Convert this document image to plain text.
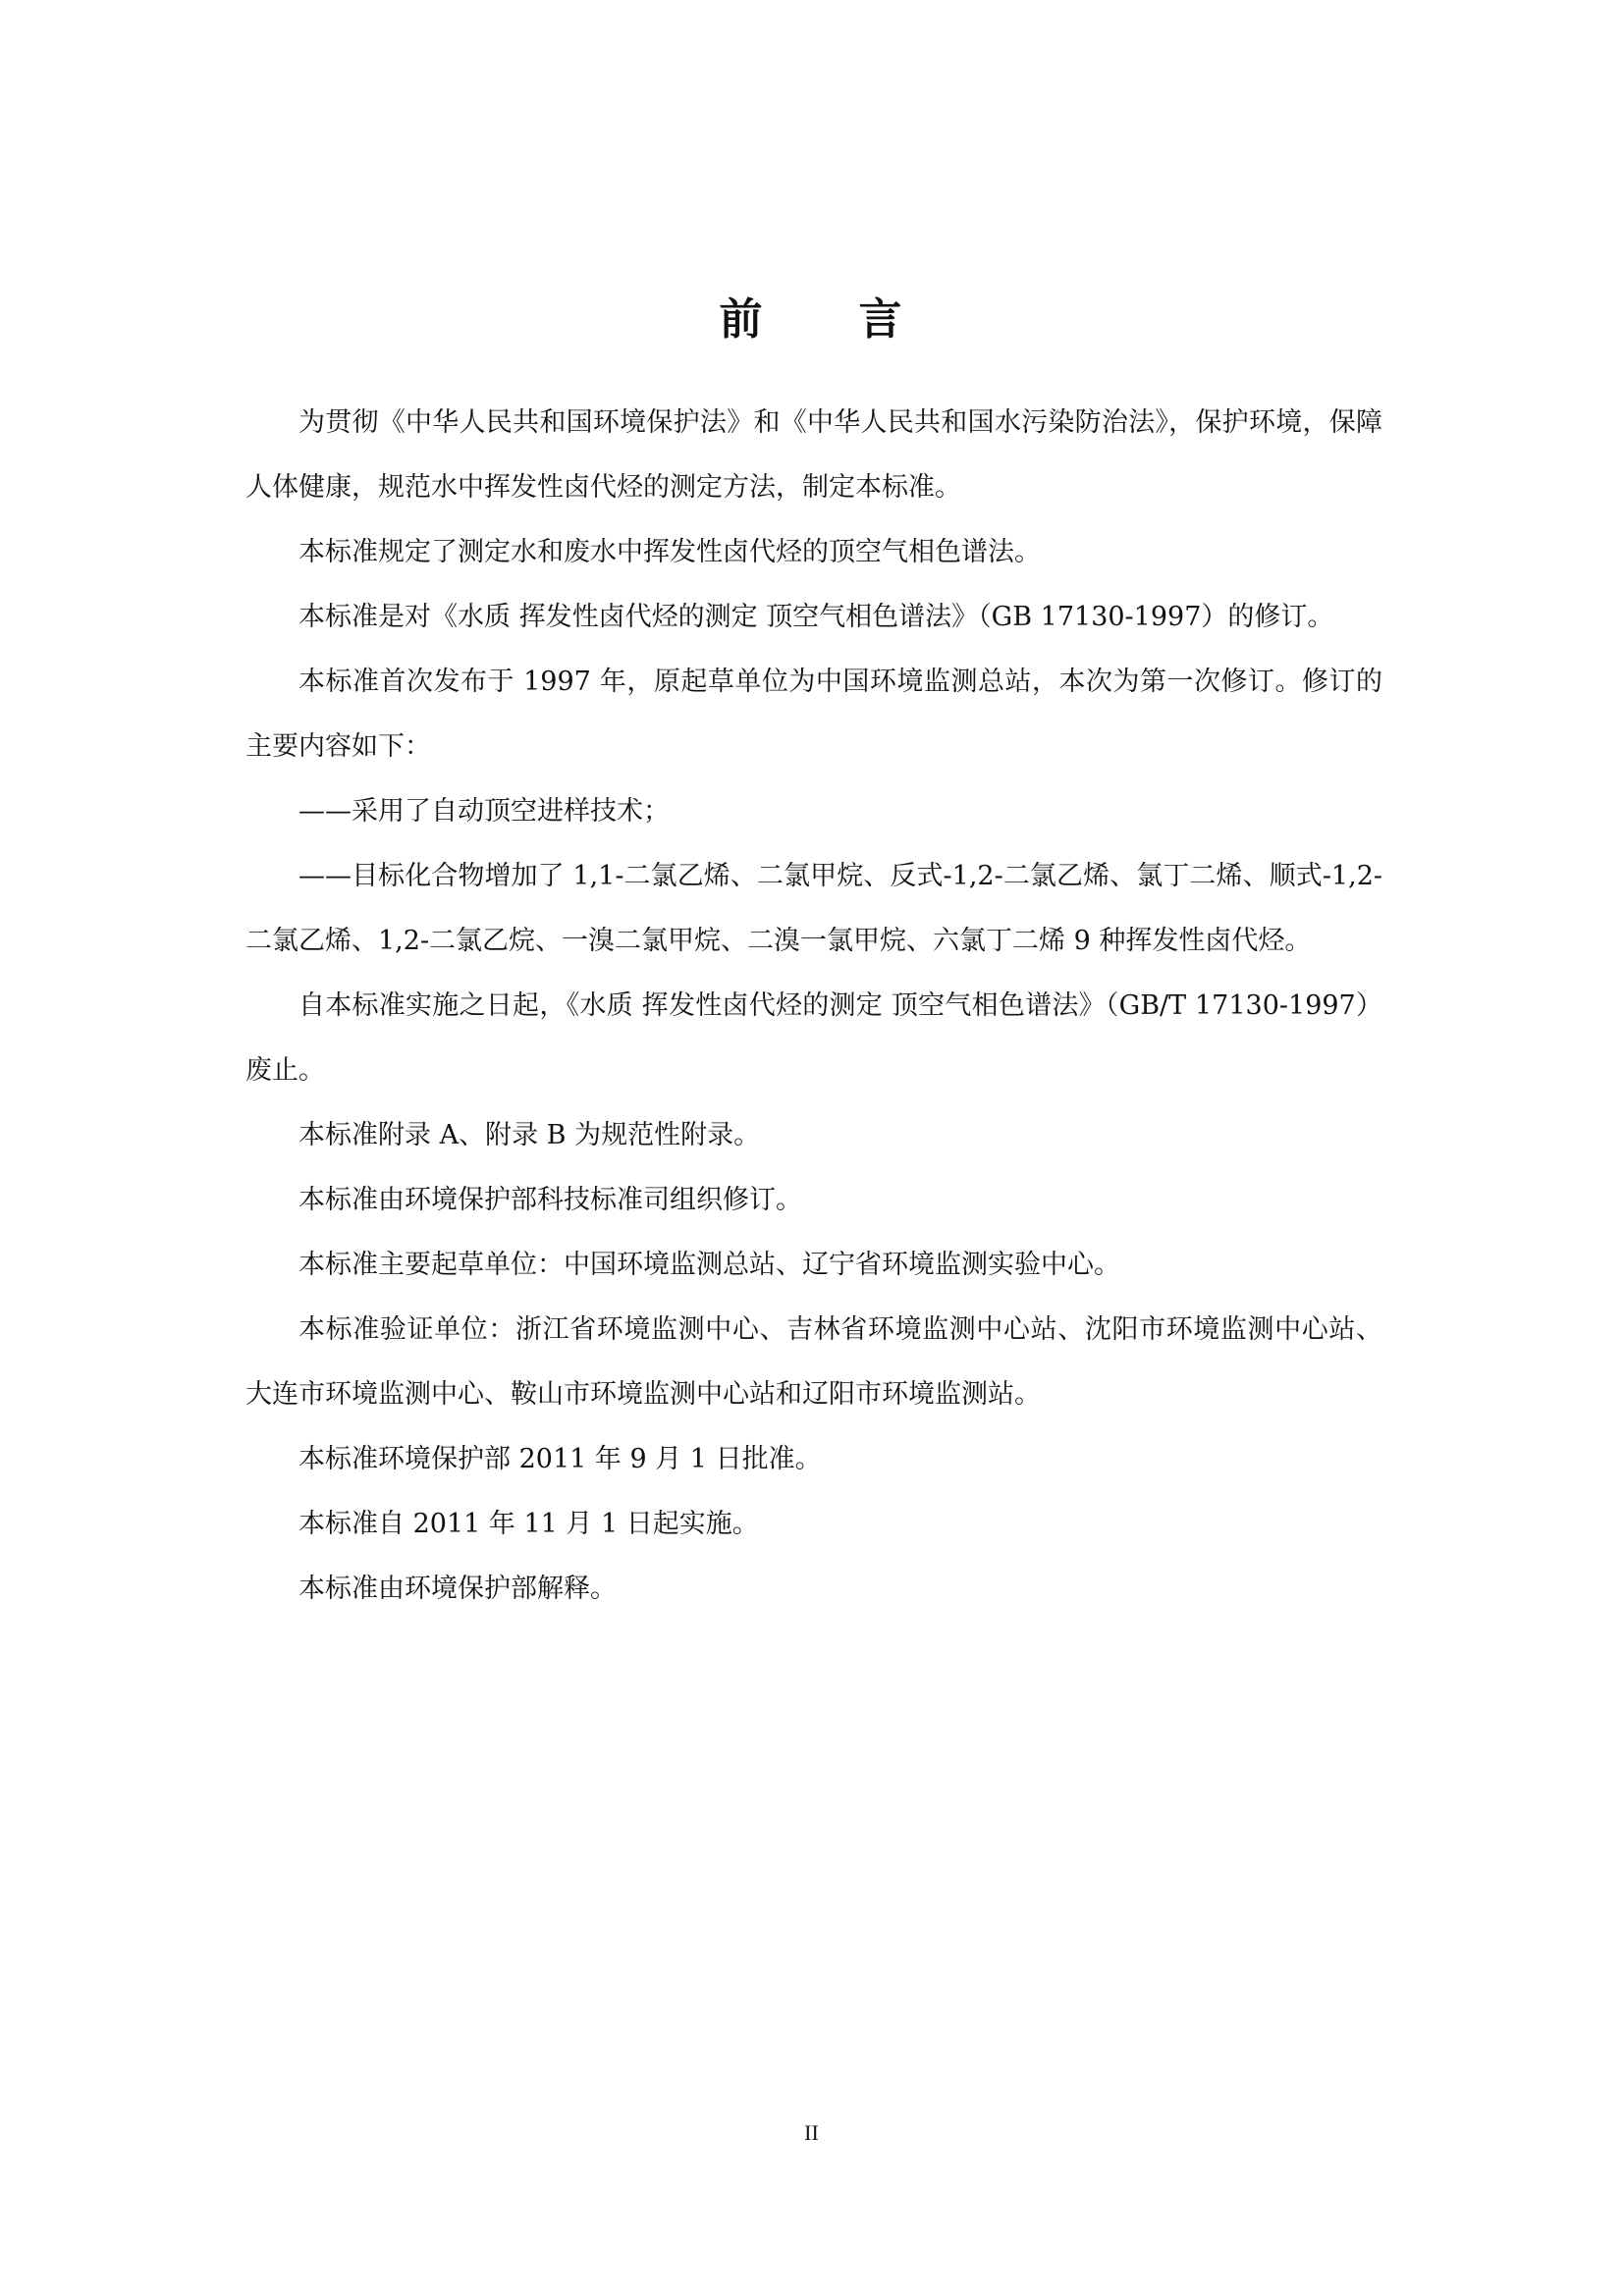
前 言

为贯彻《中华人民共和国环境保护法》和《中华人民共和国水污染防治法》，保护环境，保障人体健康，规范水中挥发性卤代烃的测定方法，制定本标准。

本标准规定了测定水和废水中挥发性卤代烃的顶空气相色谱法。

本标准是对《水质 挥发性卤代烃的测定 顶空气相色谱法》（GB 17130-1997）的修订。

本标准首次发布于 1997 年，原起草单位为中国环境监测总站，本次为第一次修订。修订的主要内容如下：

——采用了自动顶空进样技术；

——目标化合物增加了 1,1-二氯乙烯、二氯甲烷、反式-1,2-二氯乙烯、氯丁二烯、顺式-1,2-二氯乙烯、1,2-二氯乙烷、一溴二氯甲烷、二溴一氯甲烷、六氯丁二烯 9 种挥发性卤代烃。

自本标准实施之日起，《水质 挥发性卤代烃的测定 顶空气相色谱法》（GB/T 17130-1997）废止。

本标准附录 A、附录 B 为规范性附录。

本标准由环境保护部科技标准司组织修订。

本标准主要起草单位：中国环境监测总站、辽宁省环境监测实验中心。

本标准验证单位：浙江省环境监测中心、吉林省环境监测中心站、沈阳市环境监测中心站、大连市环境监测中心、鞍山市环境监测中心站和辽阳市环境监测站。

本标准环境保护部 2011 年 9 月 1 日批准。

本标准自 2011 年 11 月 1 日起实施。

本标准由环境保护部解释。

II
